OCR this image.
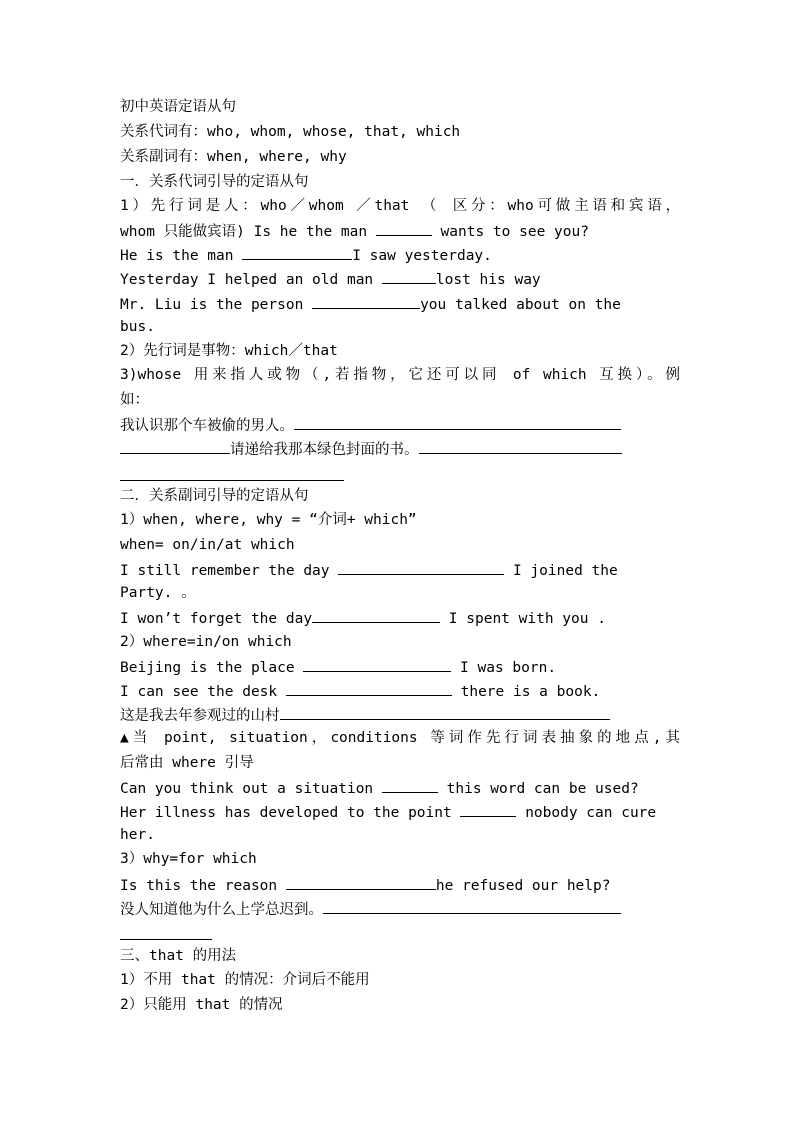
初中英语定语从句
关系代词有：who, whom, whose, that, which
关系副词有：when, where, why
一．关系代词引导的定语从句
1）先行词是人：who／whom ／that （ 区分：who可做主语和宾语，
whom 只能做宾语) Is he the man	wants to see you?
He is the man	I saw yesterday.
Yesterday I helped an old man	lost his way
Mr. Liu is the person	you talked about on the
bus.
2）先行词是事物：which／that
3)whose 用来指人或物（,若指物，它还可以同 of which 互换）。例
如：
我认识那个车被偷的男人。
请递给我那本绿色封面的书。
二．关系副词引导的定语从句
1）when, where, why = “介词+ which”
when= on/in/at which
I still remember the day	I joined the
Party. 。
I won’t forget the day	I spent with you .
2）where=in/on which
Beijing is the place	I was born.
I can see the desk	there is a book.
这是我去年参观过的山村
▲当 point, situation，conditions 等词作先行词表抽象的地点,其
后常由 where 引导
Can you think out a situation	this word can be used?
Her illness has developed to the point	nobody can cure
her.
3）why=for which
Is this the reason	he refused our help?
没人知道他为什么上学总迟到。
三、that 的用法
1）不用 that 的情况：介词后不能用
2）只能用 that 的情况
